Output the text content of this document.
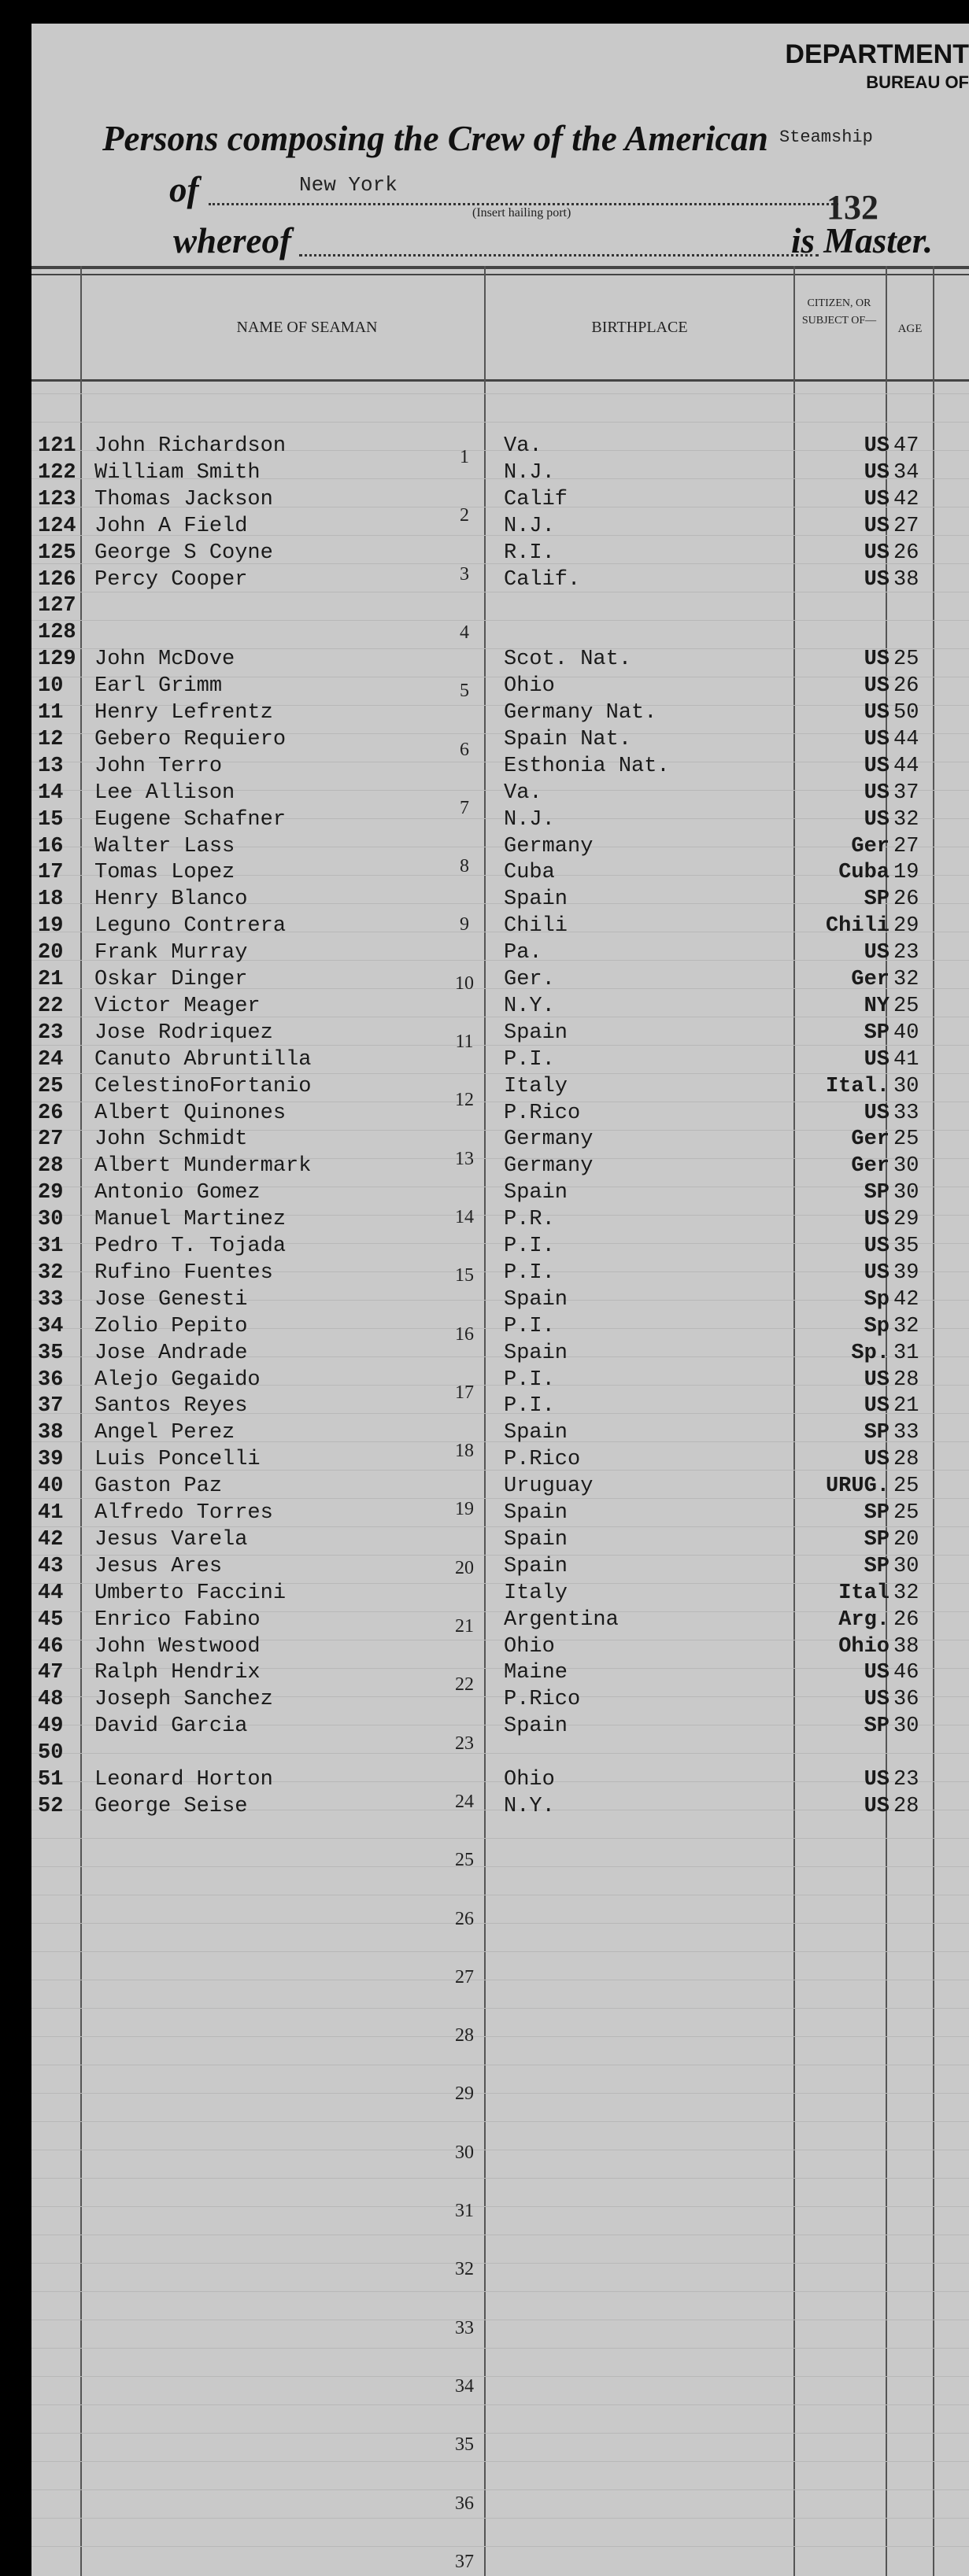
DEPARTMENT
BUREAU OF
Persons composing the Crew of the American Steamship
of	New York
(Insert hailing port)	132
whereof	is Master.
NAME OF SEAMAN	BIRTHPLACE
CITIZEN, OR SUBJECT OF—
AGE
1
2
3
4
5
6
7
8
9
10
11
12
13
14
15
16
17
18
19
20
21
22
23
24
25
26
27
28
29
30
31
32
33
34
35
36
37
121 John Richardson	Va.	US 47
122 William Smith	N.J.	US 34
123 Thomas Jackson	Calif	US 42
124 John A Field	N.J.	US 27
125 George S Coyne	R.I.	US 26
126 Percy Cooper	Calif.	US 38
127
128
129 John McDove	Scot. Nat.	US 25
10	Earl Grimm	Ohio	US 26
11	Henry Lefrentz	Germany Nat.	US 50
12	Gebero Requiero	Spain Nat.	US 44
13	John Terro	Esthonia Nat.	US 44
14	Lee Allison	Va.	US 37
15	Eugene Schafner	N.J.	US 32
16	Walter Lass	Germany	Ger 27
17	Tomas Lopez	Cuba	Cuba 19
18	Henry Blanco	Spain	SP 26
19	Leguno Contrera	Chili	Chili 29
20	Frank Murray	Pa.	US 23
21	Oskar Dinger	Ger.	Ger 32
22	Victor Meager	N.Y.	NY 25
23	Jose Rodriquez	Spain	SP 40
24	Canuto Abruntilla	P.I.	US 41
25	CelestinoFortanio	Italy	Ital. 30
26	Albert Quinones	P.Rico	US 33
27	John Schmidt	Germany	Ger 25
28	Albert Mundermark	Germany	Ger 30
29	Antonio Gomez	Spain	SP 30
30	Manuel Martinez	P.R.	US 29
31	Pedro T. Tojada	P.I.	US 35
32	Rufino Fuentes	P.I.	US 39
33	Jose Genesti	Spain	Sp 42
34	Zolio Pepito	P.I.	Sp 32
35	Jose Andrade	Spain	Sp. 31
36	Alejo Gegaido	P.I.	US 28
37	Santos Reyes	P.I.	US 21
38	Angel Perez	Spain	SP 33
39	Luis Poncelli	P.Rico	US 28
40	Gaston Paz	Uruguay	URUG. 25
41	Alfredo Torres	Spain	SP 25
42	Jesus Varela	Spain	SP 20
43	Jesus Ares	Spain	SP 30
44	Umberto Faccini	Italy	Ital 32
45	Enrico Fabino	Argentina	Arg. 26
46	John Westwood	Ohio	Ohio 38
47	Ralph Hendrix	Maine	US 46
48	Joseph Sanchez	P.Rico	US 36
49	David Garcia	Spain	SP 30
50
51	Leonard Horton	Ohio	US 23
52	George Seise	N.Y.	US 28
